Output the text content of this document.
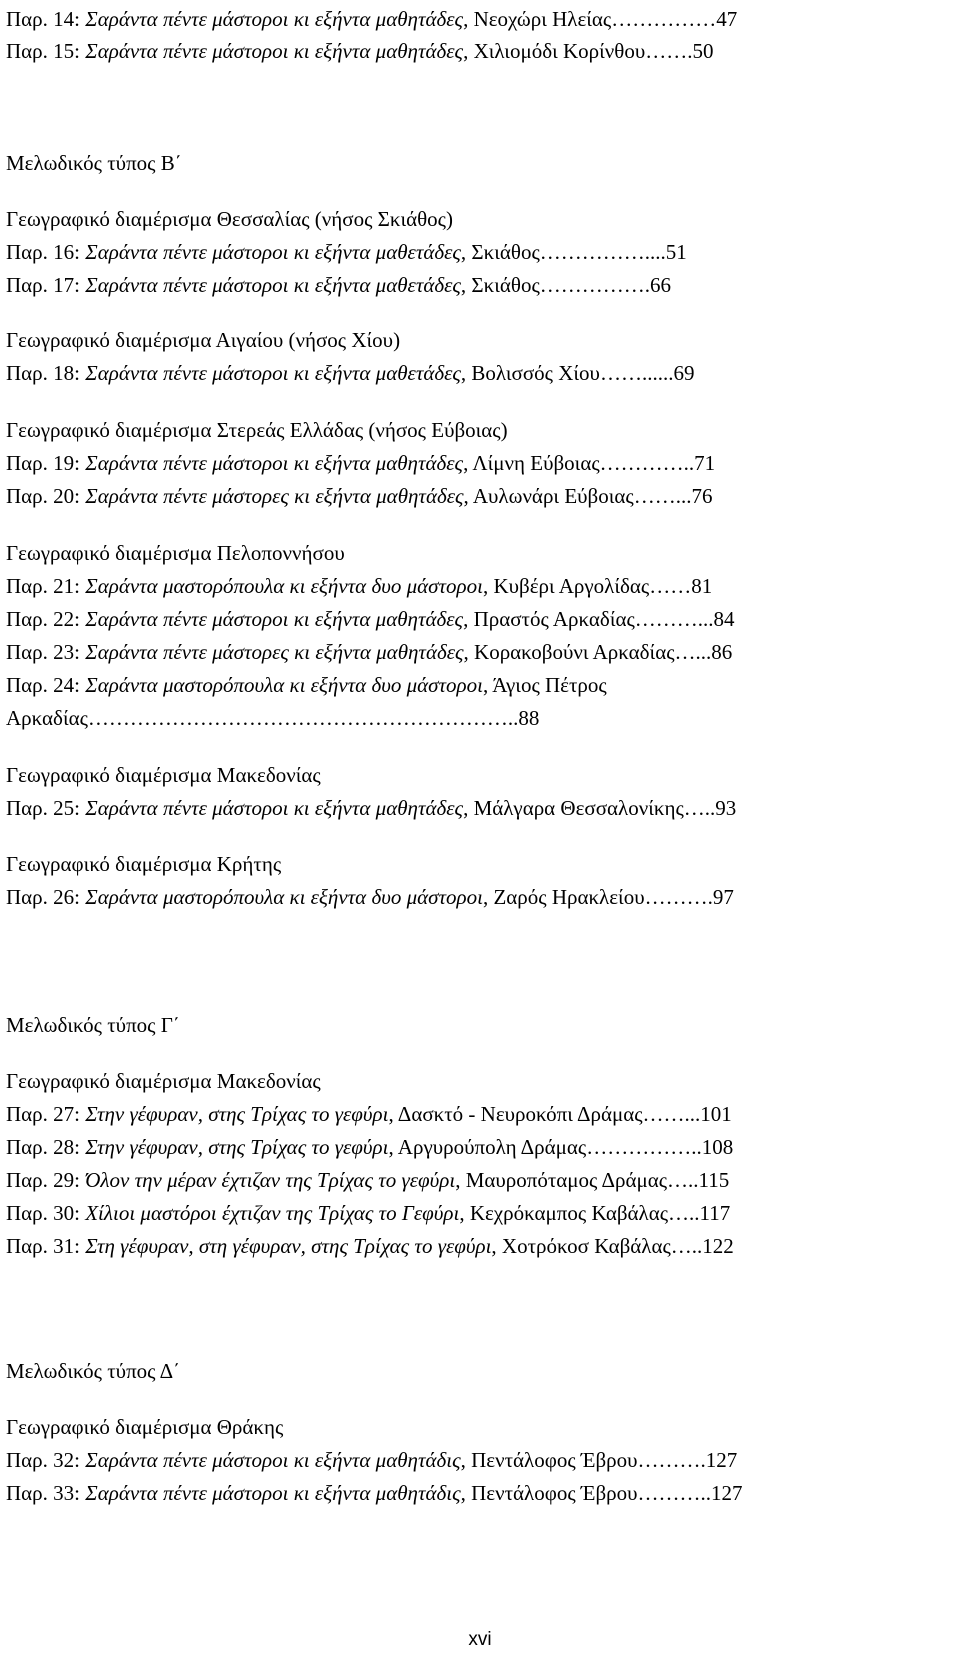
Παρ. 14: Σαράντα πέντε μάστοροι κι εξήντα μαθητάδες, Νεοχώρι Ηλείας……………47
Παρ. 15: Σαράντα πέντε μάστοροι κι εξήντα μαθητάδες, Χιλιομόδι Κορίνθου…….50
Μελωδικός τύπος Β΄
Γεωγραφικό διαμέρισμα Θεσσαλίας (νήσος Σκιάθος)
Παρ. 16: Σαράντα πέντε μάστοροι κι εξήντα μαθετάδες, Σκιάθος……………....51
Παρ. 17: Σαράντα πέντε μάστοροι κι εξήντα μαθετάδες, Σκιάθος…………….66
Γεωγραφικό διαμέρισμα Αιγαίου (νήσος Χίου)
Παρ. 18: Σαράντα πέντε μάστοροι κι εξήντα μαθετάδες, Βολισσός Χίου……......69
Γεωγραφικό διαμέρισμα Στερεάς Ελλάδας (νήσος Εύβοιας)
Παρ. 19: Σαράντα πέντε μάστοροι κι εξήντα μαθητάδες, Λίμνη Εύβοιας…………..71
Παρ. 20: Σαράντα πέντε μάστορες κι εξήντα μαθητάδες, Αυλωνάρι Εύβοιας……...76
Γεωγραφικό διαμέρισμα Πελοποννήσου
Παρ. 21: Σαράντα μαστορόπουλα κι εξήντα δυο μάστοροι, Κυβέρι Αργολίδας……81
Παρ. 22: Σαράντα πέντε μάστοροι κι εξήντα μαθητάδες, Πραστός Αρκαδίας………...84
Παρ. 23: Σαράντα πέντε μάστορες κι εξήντα μαθητάδες, Κορακοβούνι Αρκαδίας…...86
Παρ. 24: Σαράντα μαστορόπουλα κι εξήντα δυο μάστοροι, Άγιος Πέτρος
Αρκαδίας……………………………………………………..88
Γεωγραφικό διαμέρισμα Μακεδονίας
Παρ. 25: Σαράντα πέντε μάστοροι κι εξήντα μαθητάδες, Μάλγαρα Θεσσαλονίκης…..93
Γεωγραφικό διαμέρισμα Κρήτης
Παρ. 26: Σαράντα μαστορόπουλα κι εξήντα δυο μάστοροι, Ζαρός Ηρακλείου……….97
Μελωδικός τύπος Γ΄
Γεωγραφικό διαμέρισμα Μακεδονίας
Παρ. 27: Στην γέφυραν, στης Τρίχας το γεφύρι, Δασκτό - Νευροκόπι Δράμας……...101
Παρ. 28: Στην γέφυραν, στης Τρίχας το γεφύρι, Αργυρούπολη Δράμας……………..108
Παρ. 29: Όλον την μέραν έχτιζαν της Τρίχας το γεφύρι, Μαυροπόταμος Δράμας…..115
Παρ. 30: Χίλιοι μαστόροι έχτιζαν της Τρίχας το Γεφύρι, Κεχρόκαμπος Καβάλας…..117
Παρ. 31: Στη γέφυραν, στη γέφυραν, στης Τρίχας το γεφύρι, Χοτρόκοσ Καβάλας…..122
Μελωδικός τύπος Δ΄
Γεωγραφικό διαμέρισμα Θράκης
Παρ. 32: Σαράντα πέντε μάστοροι κι εξήντα μαθητάδις, Πεντάλοφος Έβρου……….127
Παρ. 33: Σαράντα πέντε μάστοροι κι εξήντα μαθητάδις, Πεντάλοφος Έβρου………..127
xvi
